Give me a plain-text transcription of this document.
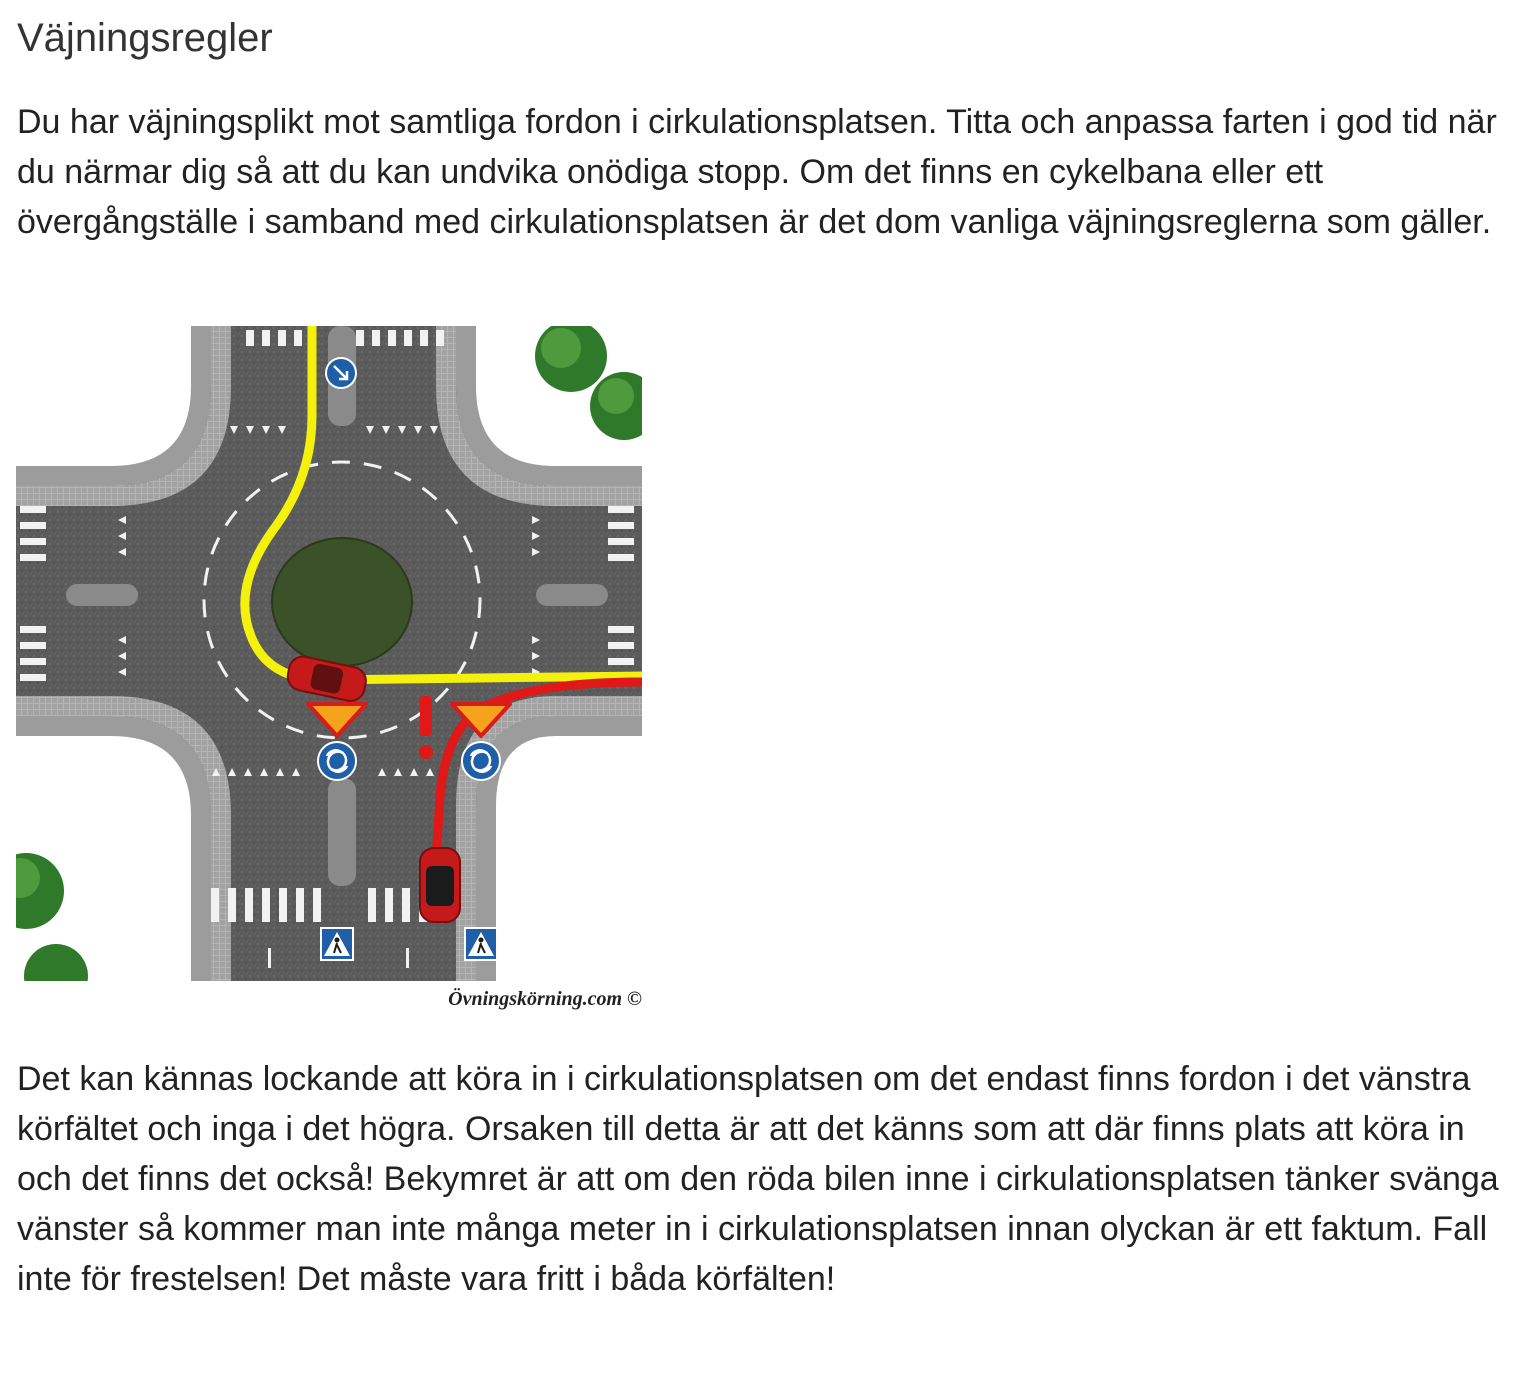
Väjningsregler

Du har väjningsplikt mot samtliga fordon i cirkulationsplatsen. Titta och anpassa farten i god tid när du närmar dig så att du kan undvika onödiga stopp. Om det finns en cykelbana eller ett övergångställe i samband med cirkulationsplatsen är det dom vanliga väjningsreglerna som gäller.

Övningskörning.com ©

Det kan kännas lockande att köra in i cirkulationsplatsen om det endast finns fordon i det vänstra körfältet och inga i det högra. Orsaken till detta är att det känns som att där finns plats att köra in och det finns det också! Bekymret är att om den röda bilen inne i cirkulationsplatsen tänker svänga vänster så kommer man inte många meter in i cirkulationsplatsen innan olyckan är ett faktum. Fall inte för frestelsen! Det måste vara fritt i båda körfälten!
